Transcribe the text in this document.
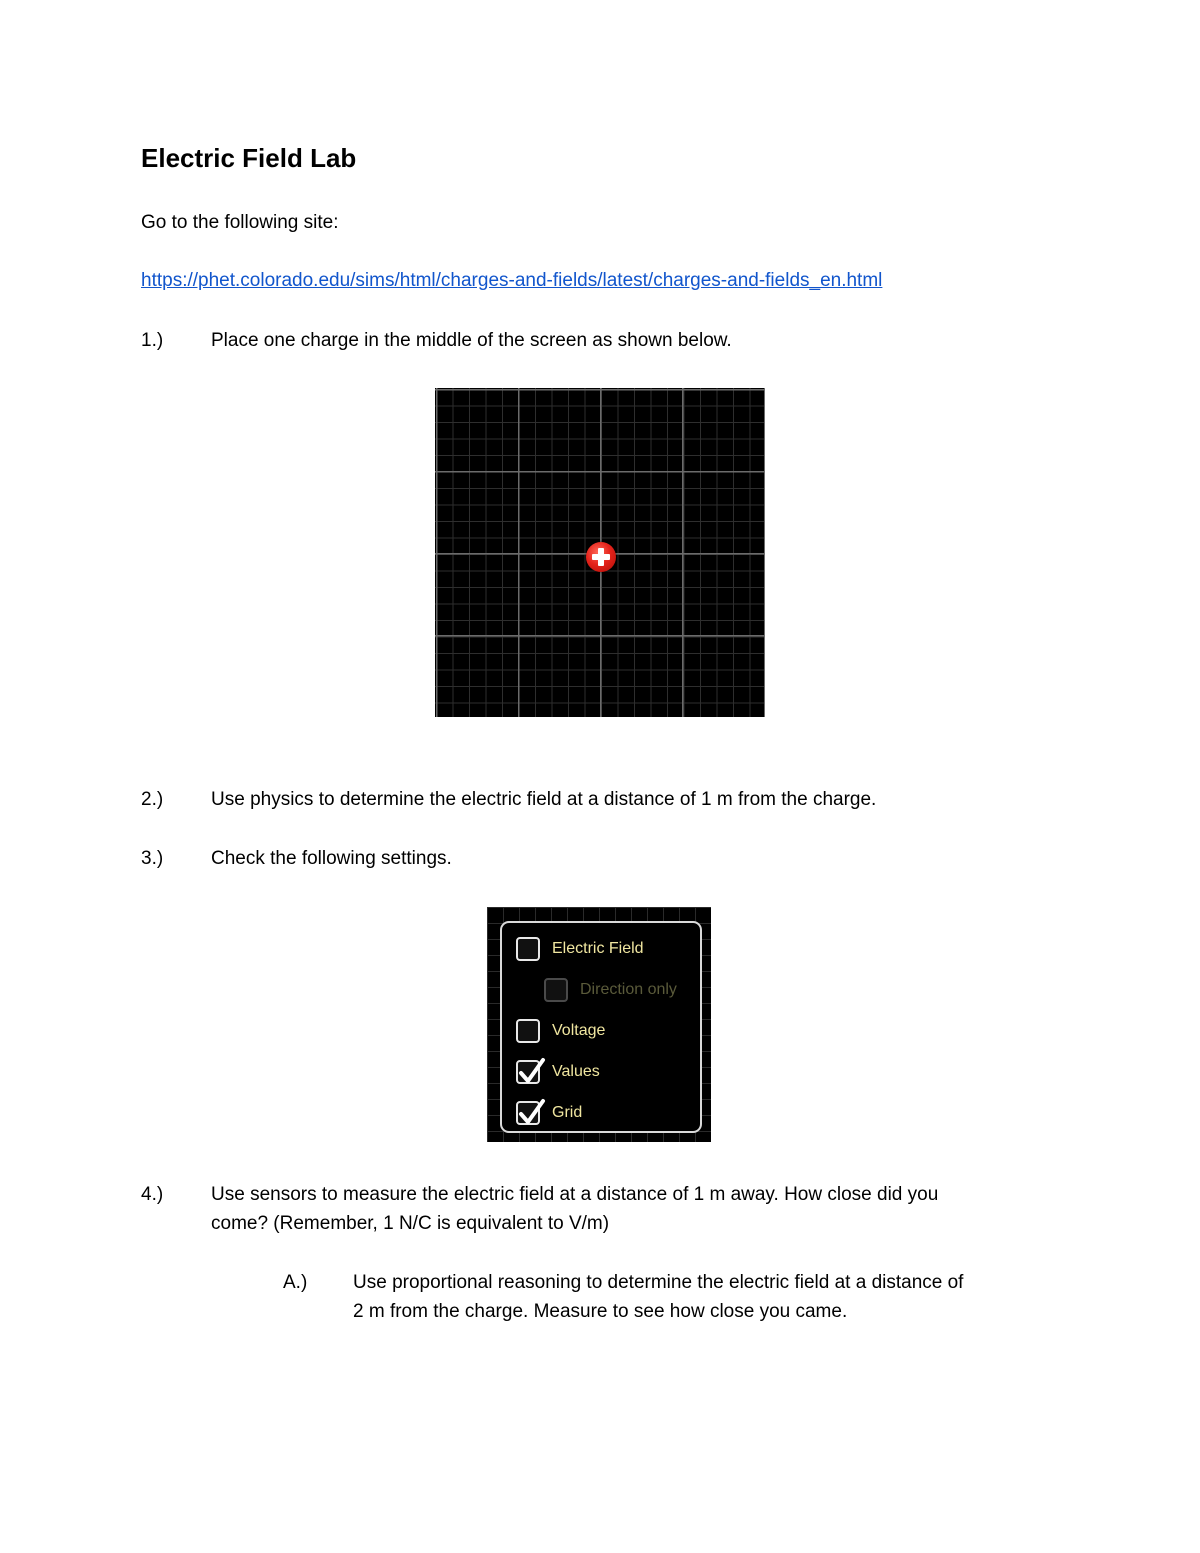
Electric Field Lab
Go to the following site:
https://phet.colorado.edu/sims/html/charges-and-fields/latest/charges-and-fields_en.html
1.)	Place one charge in the middle of the screen as shown below.
2.)	Use physics to determine the electric field at a distance of 1 m from the charge.
3.)	Check the following settings.
Electric Field
Direction only
Voltage
Values
Grid
4.)	Use sensors to measure the electric field at a distance of 1 m away. How close did you
come? (Remember, 1 N/C is equivalent to V/m)
A.) Use proportional reasoning to determine the electric field at a distance of
2 m from the charge. Measure to see how close you came.
